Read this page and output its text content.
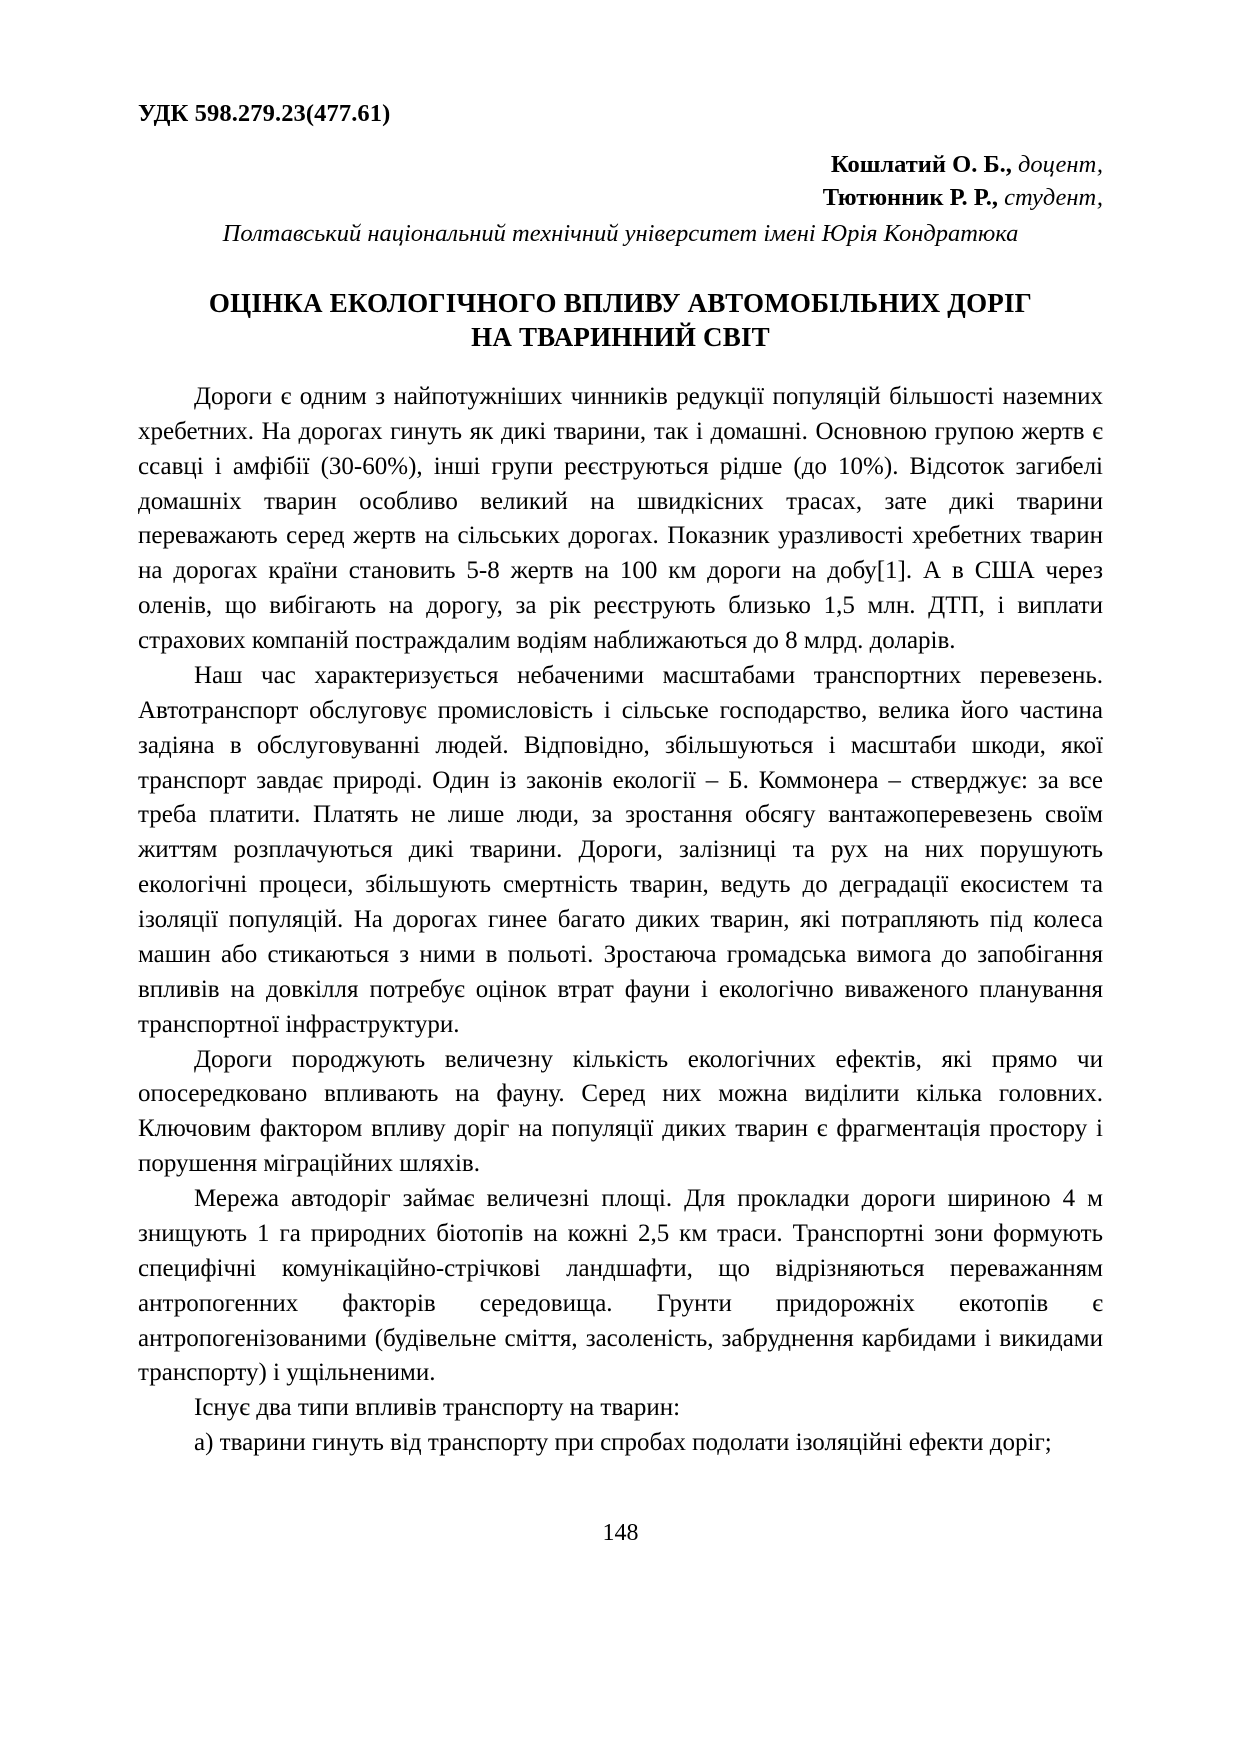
УДК 598.279.23(477.61)
Кошлатий О. Б., доцент,
Тютюнник Р. Р., студент,
Полтавський національний технічний університет імені Юрія Кондратюка
ОЦІНКА ЕКОЛОГІЧНОГО ВПЛИВУ АВТОМОБІЛЬНИХ ДОРІГ
НА ТВАРИННИЙ СВІТ

Дороги є одним з найпотужніших чинників редукції популяцій більшості наземних хребетних. На дорогах гинуть як дикі тварини, так і домашні. Основною групою жертв є ссавці і амфібії (30-60%), інші групи реєструються рідше (до 10%). Відсоток загибелі домашніх тварин особливо великий на швидкісних трасах, зате дикі тварини переважають серед жертв на сільських дорогах. Показник уразливості хребетних тварин на дорогах країни становить 5-8 жертв на 100 км дороги на добу[1]. А в США через оленів, що вибігають на дорогу, за рік реєструють близько 1,5 млн. ДТП, і виплати страхових компаній постраждалим водіям наближаються до 8 млрд. доларів.

Наш час характеризується небаченими масштабами транспортних перевезень. Автотранспорт обслуговує промисловість і сільське господарство, велика його частина задіяна в обслуговуванні людей. Відповідно, збільшуються і масштаби шкоди, якої транспорт завдає природі. Один із законів екології – Б. Коммонера – стверджує: за все треба платити. Платять не лише люди, за зростання обсягу вантажоперевезень своїм життям розплачуються дикі тварини. Дороги, залізниці та рух на них порушують екологічні процеси, збільшують смертність тварин, ведуть до деградації екосистем та ізоляції популяцій. На дорогах гинее багато диких тварин, які потрапляють під колеса машин або стикаються з ними в польоті. Зростаюча громадська вимога до запобігання впливів на довкілля потребує оцінок втрат фауни і екологічно виваженого планування транспортної інфраструктури.

Дороги породжують величезну кількість екологічних ефектів, які прямо чи опосередковано впливають на фауну. Серед них можна виділити кілька головних. Ключовим фактором впливу доріг на популяції диких тварин є фрагментація простору і порушення міграційних шляхів.

Мережа автодоріг займає величезні площі. Для прокладки дороги шириною 4 м знищують 1 га природних біотопів на кожні 2,5 км траси. Транспортні зони формують специфічні комунікаційно-стрічкові ландшафти, що відрізняються переважанням антропогенних факторів середовища. Грунти придорожніх екотопів є антропогенізованими (будівельне сміття, засоленість, забруднення карбидами і викидами транспорту) і ущільненими.

Існує два типи впливів транспорту на тварин:

а) тварини гинуть від транспорту при спробах подолати ізоляційні ефекти доріг;

148
